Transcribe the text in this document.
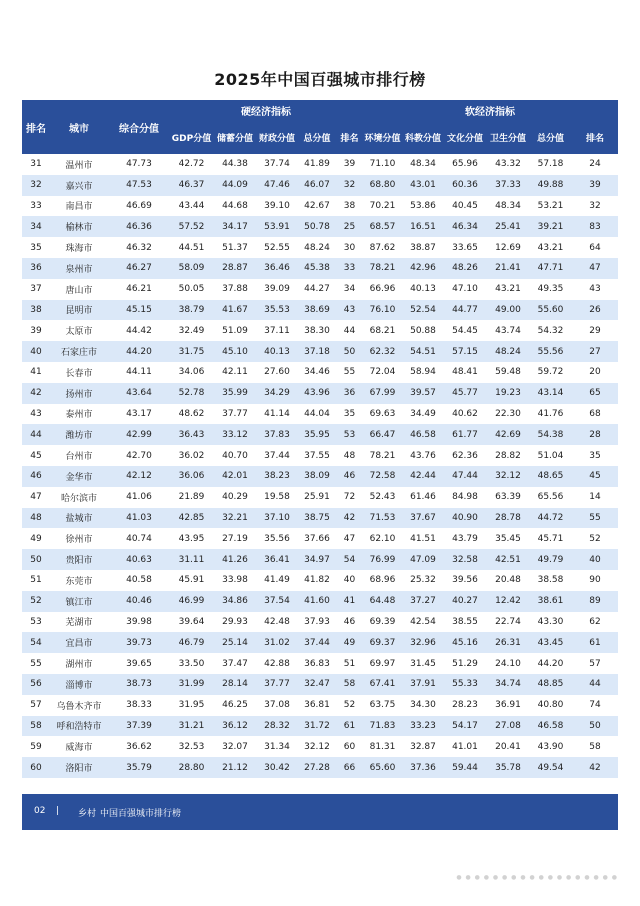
2025年中国百强城市排行榜
排名	城市	综合分值	硬经济指标					软经济指标					
			GDP分值	储蓄分值	财政分值	总分值	排名	环境分值	科教分值	文化分值	卫生分值	总分值	排名
31	温州市	47.73	42.72	44.38	37.74	41.89	39	71.10	48.34	65.96	43.32	57.18	24
32	嘉兴市	47.53	46.37	44.09	47.46	46.07	32	68.80	43.01	60.36	37.33	49.88	39
33	南昌市	46.69	43.44	44.68	39.10	42.67	38	70.21	53.86	40.45	48.34	53.21	32
34	榆林市	46.36	57.52	34.17	53.91	50.78	25	68.57	16.51	46.34	25.41	39.21	83
35	珠海市	46.32	44.51	51.37	52.55	48.24	30	87.62	38.87	33.65	12.69	43.21	64
36	泉州市	46.27	58.09	28.87	36.46	45.38	33	78.21	42.96	48.26	21.41	47.71	47
37	唐山市	46.21	50.05	37.88	39.09	44.27	34	66.96	40.13	47.10	43.21	49.35	43
38	昆明市	45.15	38.79	41.67	35.53	38.69	43	76.10	52.54	44.77	49.00	55.60	26
39	太原市	44.42	32.49	51.09	37.11	38.30	44	68.21	50.88	54.45	43.74	54.32	29
40	石家庄市	44.20	31.75	45.10	40.13	37.18	50	62.32	54.51	57.15	48.24	55.56	27
41	长春市	44.11	34.06	42.11	27.60	34.46	55	72.04	58.94	48.41	59.48	59.72	20
42	扬州市	43.64	52.78	35.99	34.29	43.96	36	67.99	39.57	45.77	19.23	43.14	65
43	泰州市	43.17	48.62	37.77	41.14	44.04	35	69.63	34.49	40.62	22.30	41.76	68
44	潍坊市	42.99	36.43	33.12	37.83	35.95	53	66.47	46.58	61.77	42.69	54.38	28
45	台州市	42.70	36.02	40.70	37.44	37.55	48	78.21	43.76	62.36	28.82	51.04	35
46	金华市	42.12	36.06	42.01	38.23	38.09	46	72.58	42.44	47.44	32.12	48.65	45
47	哈尔滨市	41.06	21.89	40.29	19.58	25.91	72	52.43	61.46	84.98	63.39	65.56	14
48	盐城市	41.03	42.85	32.21	37.10	38.75	42	71.53	37.67	40.90	28.78	44.72	55
49	徐州市	40.74	43.95	27.19	35.56	37.66	47	62.10	41.51	43.79	35.45	45.71	52
50	贵阳市	40.63	31.11	41.26	36.41	34.97	54	76.99	47.09	32.58	42.51	49.79	40
51	东莞市	40.58	45.91	33.98	41.49	41.82	40	68.96	25.32	39.56	20.48	38.58	90
52	镇江市	40.46	46.99	34.86	37.54	41.60	41	64.48	37.27	40.27	12.42	38.61	89
53	芜湖市	39.98	39.64	29.93	42.48	37.93	46	69.39	42.54	38.55	22.74	43.30	62
54	宜昌市	39.73	46.79	25.14	31.02	37.44	49	69.37	32.96	45.16	26.31	43.45	61
55	湖州市	39.65	33.50	37.47	42.88	36.83	51	69.97	31.45	51.29	24.10	44.20	57
56	淄博市	38.73	31.99	28.14	37.77	32.47	58	67.41	37.91	55.33	34.74	48.85	44
57	乌鲁木齐市	38.33	31.95	46.25	37.08	36.81	52	63.75	34.30	28.23	36.91	40.80	74
58	呼和浩特市	37.39	31.21	36.12	28.32	31.72	61	71.83	33.23	54.17	27.08	46.58	50
59	威海市	36.62	32.53	32.07	31.34	32.12	60	81.31	32.87	41.01	20.41	43.90	58
60	洛阳市	35.79	28.80	21.12	30.42	27.28	66	65.60	37.36	59.44	35.78	49.54	42
02 | 乡村 中国百强城市排行榜
● ● ● ● ● ● ● ● ● ● ● ● ● ● ● ● ● ●
